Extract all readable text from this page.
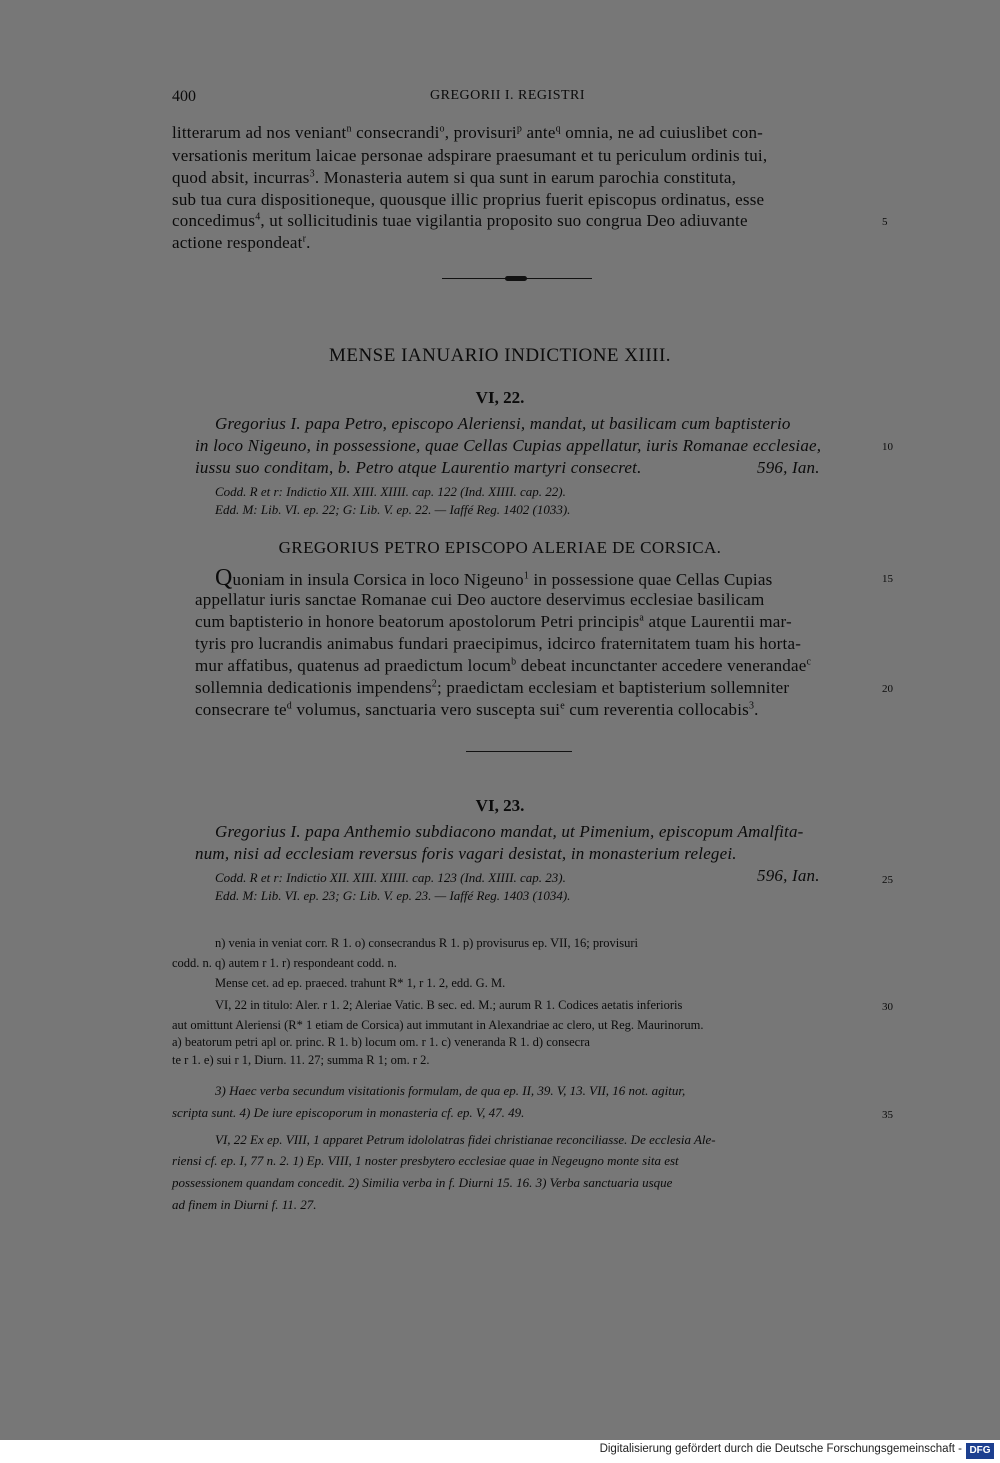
400	GREGORII I. REGISTRI
litterarum ad nos veniant$^n$ consecrandi$^o$, provisuri$^p$ ante$^q$ omnia, ne ad cuiuslibet con-
versationis meritum laicae personae adspirare praesumant et tu periculum ordinis tui,
quod absit, incurras$^3$. Monasteria autem si qua sunt in earum parochia constituta,
sub tua cura dispositioneque, quousque illic proprius fuerit episcopus ordinatus, esse
concedimus$^4$, ut sollicitudinis tuae vigilantia proposito suo congrua Deo adiuvante	5
actione respondeat$^r$.
MENSE IANUARIO INDICTIONE XIIII.
VI, 22.
Gregorius I. papa Petro, episcopo Aleriensi, mandat, ut basilicam cum baptisterio
in loco Nigeuno, in possessione, quae Cellas Cupias appellatur, iuris Romanae ecclesiae,	10
iussu suo conditam, b. Petro atque Laurentio martyri consecret.	596, Ian.
Codd. R et r: Indictio XII. XIII. XIIII. cap. 122 (Ind. XIIII. cap. 22).
Edd. M: Lib. VI. ep. 22; G: Lib. V. ep. 22. — Iaffé Reg. 1402 (1033).
GREGORIUS PETRO EPISCOPO ALERIAE DE CORSICA.
Quoniam in insula Corsica in loco Nigeuno$^1$ in possessione quae Cellas Cupias	15
appellatur iuris sanctae Romanae cui Deo auctore deservimus ecclesiae basilicam
cum baptisterio in honore beatorum apostolorum Petri principis$^a$ atque Laurentii mar-
tyris pro lucrandis animabus fundari praecipimus, idcirco fraternitatem tuam his horta-
mur affatibus, quatenus ad praedictum locum$^b$ debeat incunctanter accedere venerandae$^c$
sollemnia dedicationis impendens$^2$; praedictam ecclesiam et baptisterium sollemniter	20
consecrare $te^d$ volumus, sanctuaria vero suscepta sui$^e$ cum reverentia collocabis$^3$.
VI, 23.
Gregorius I. papa Anthemio subdiacono mandat, ut Pimenium, episcopum Amalfita-
num, nisi ad ecclesiam reversus foris vagari desistat, in monasterium relegei.
Codd. R et r: Indictio XII. XIII. XIIII. cap. 123 (Ind. XIIII. cap. 23).	596, Ian.	25
Edd. M: Lib. VI. ep. 23; G: Lib. V. ep. 23. — Iaffé Reg. 1403 (1034).
n) venia in veniat corr. R 1. o) consecrandus R 1. p) provisurus ep. VII, 16; provisuri
codd. n. q) autem r 1. r) respondeant codd. n.
Mense cet. ad ep. praeced. trahunt R* 1, r 1. 2, edd. G. M.
VI, 22 in titulo: Aler. r 1. 2; Aleriae Vatic. B sec. ed. M.; aurum R 1. Codices aetatis inferioris	30
aut omittunt Aleriensi (R* 1 etiam de Corsica) aut immutant in Alexandriae ac clero, ut Reg. Maurinorum.
a) beatorum petri apl or. princ. R 1. b) locum om. r 1. c) veneranda R 1. d) consecra
te r 1. e) sui r 1, Diurn. 11. 27; summa R 1; om. r 2.
3) Haec verba secundum visitationis formulam, de qua ep. II, 39. V, 13. VII, 16 not. agitur,
scripta sunt. 4) De iure episcoporum in monasteria cf. ep. V, 47. 49.	35
VI, 22 Ex ep. VIII, 1 apparet Petrum idololatras fidei christianae reconciliasse. De ecclesia Ale-
riensi cf. ep. I, 77 n. 2. 1) Ep. VIII, 1 noster presbytero ecclesiae quae in Negeugno monte sita est
possessionem quandam concedit. 2) Similia verba in f. Diurni 15. 16. 3) Verba sanctuaria usque
ad finem in Diurni f. 11. 27.
Digitalisierung gefördert durch die Deutsche Forschungsgemeinschaft - DFG
